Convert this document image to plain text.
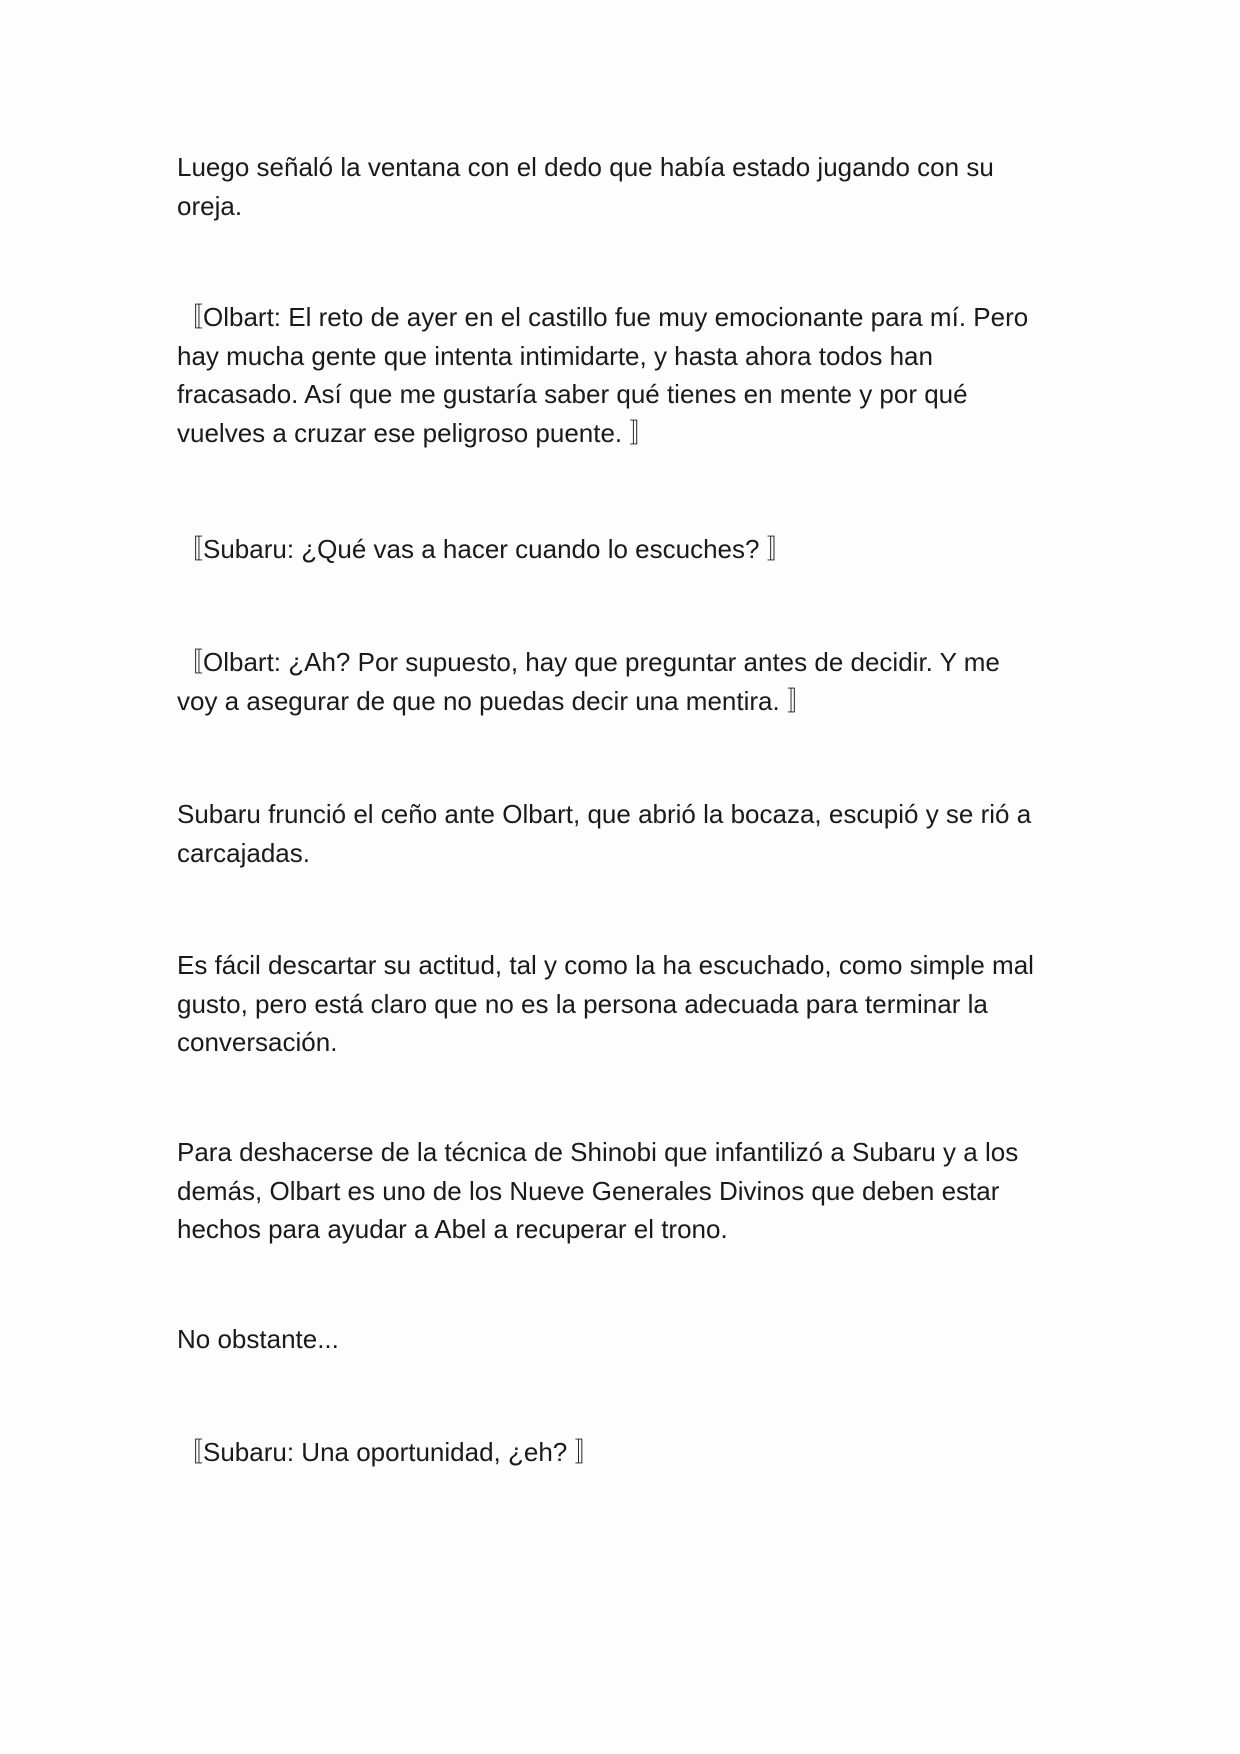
Luego señaló la ventana con el dedo que había estado jugando con su
oreja.

〚Olbart: El reto de ayer en el castillo fue muy emocionante para mí. Pero
hay mucha gente que intenta intimidarte, y hasta ahora todos han
fracasado. Así que me gustaría saber qué tienes en mente y por qué
vuelves a cruzar ese peligroso puente. 〛

〚Subaru: ¿Qué vas a hacer cuando lo escuches? 〛

〚Olbart: ¿Ah? Por supuesto, hay que preguntar antes de decidir. Y me
voy a asegurar de que no puedas decir una mentira. 〛

Subaru frunció el ceño ante Olbart, que abrió la bocaza, escupió y se rió a
carcajadas.

Es fácil descartar su actitud, tal y como la ha escuchado, como simple mal
gusto, pero está claro que no es la persona adecuada para terminar la
conversación.

Para deshacerse de la técnica de Shinobi que infantilizó a Subaru y a los
demás, Olbart es uno de los Nueve Generales Divinos que deben estar
hechos para ayudar a Abel a recuperar el trono.

No obstante...

〚Subaru: Una oportunidad, ¿eh? 〛
